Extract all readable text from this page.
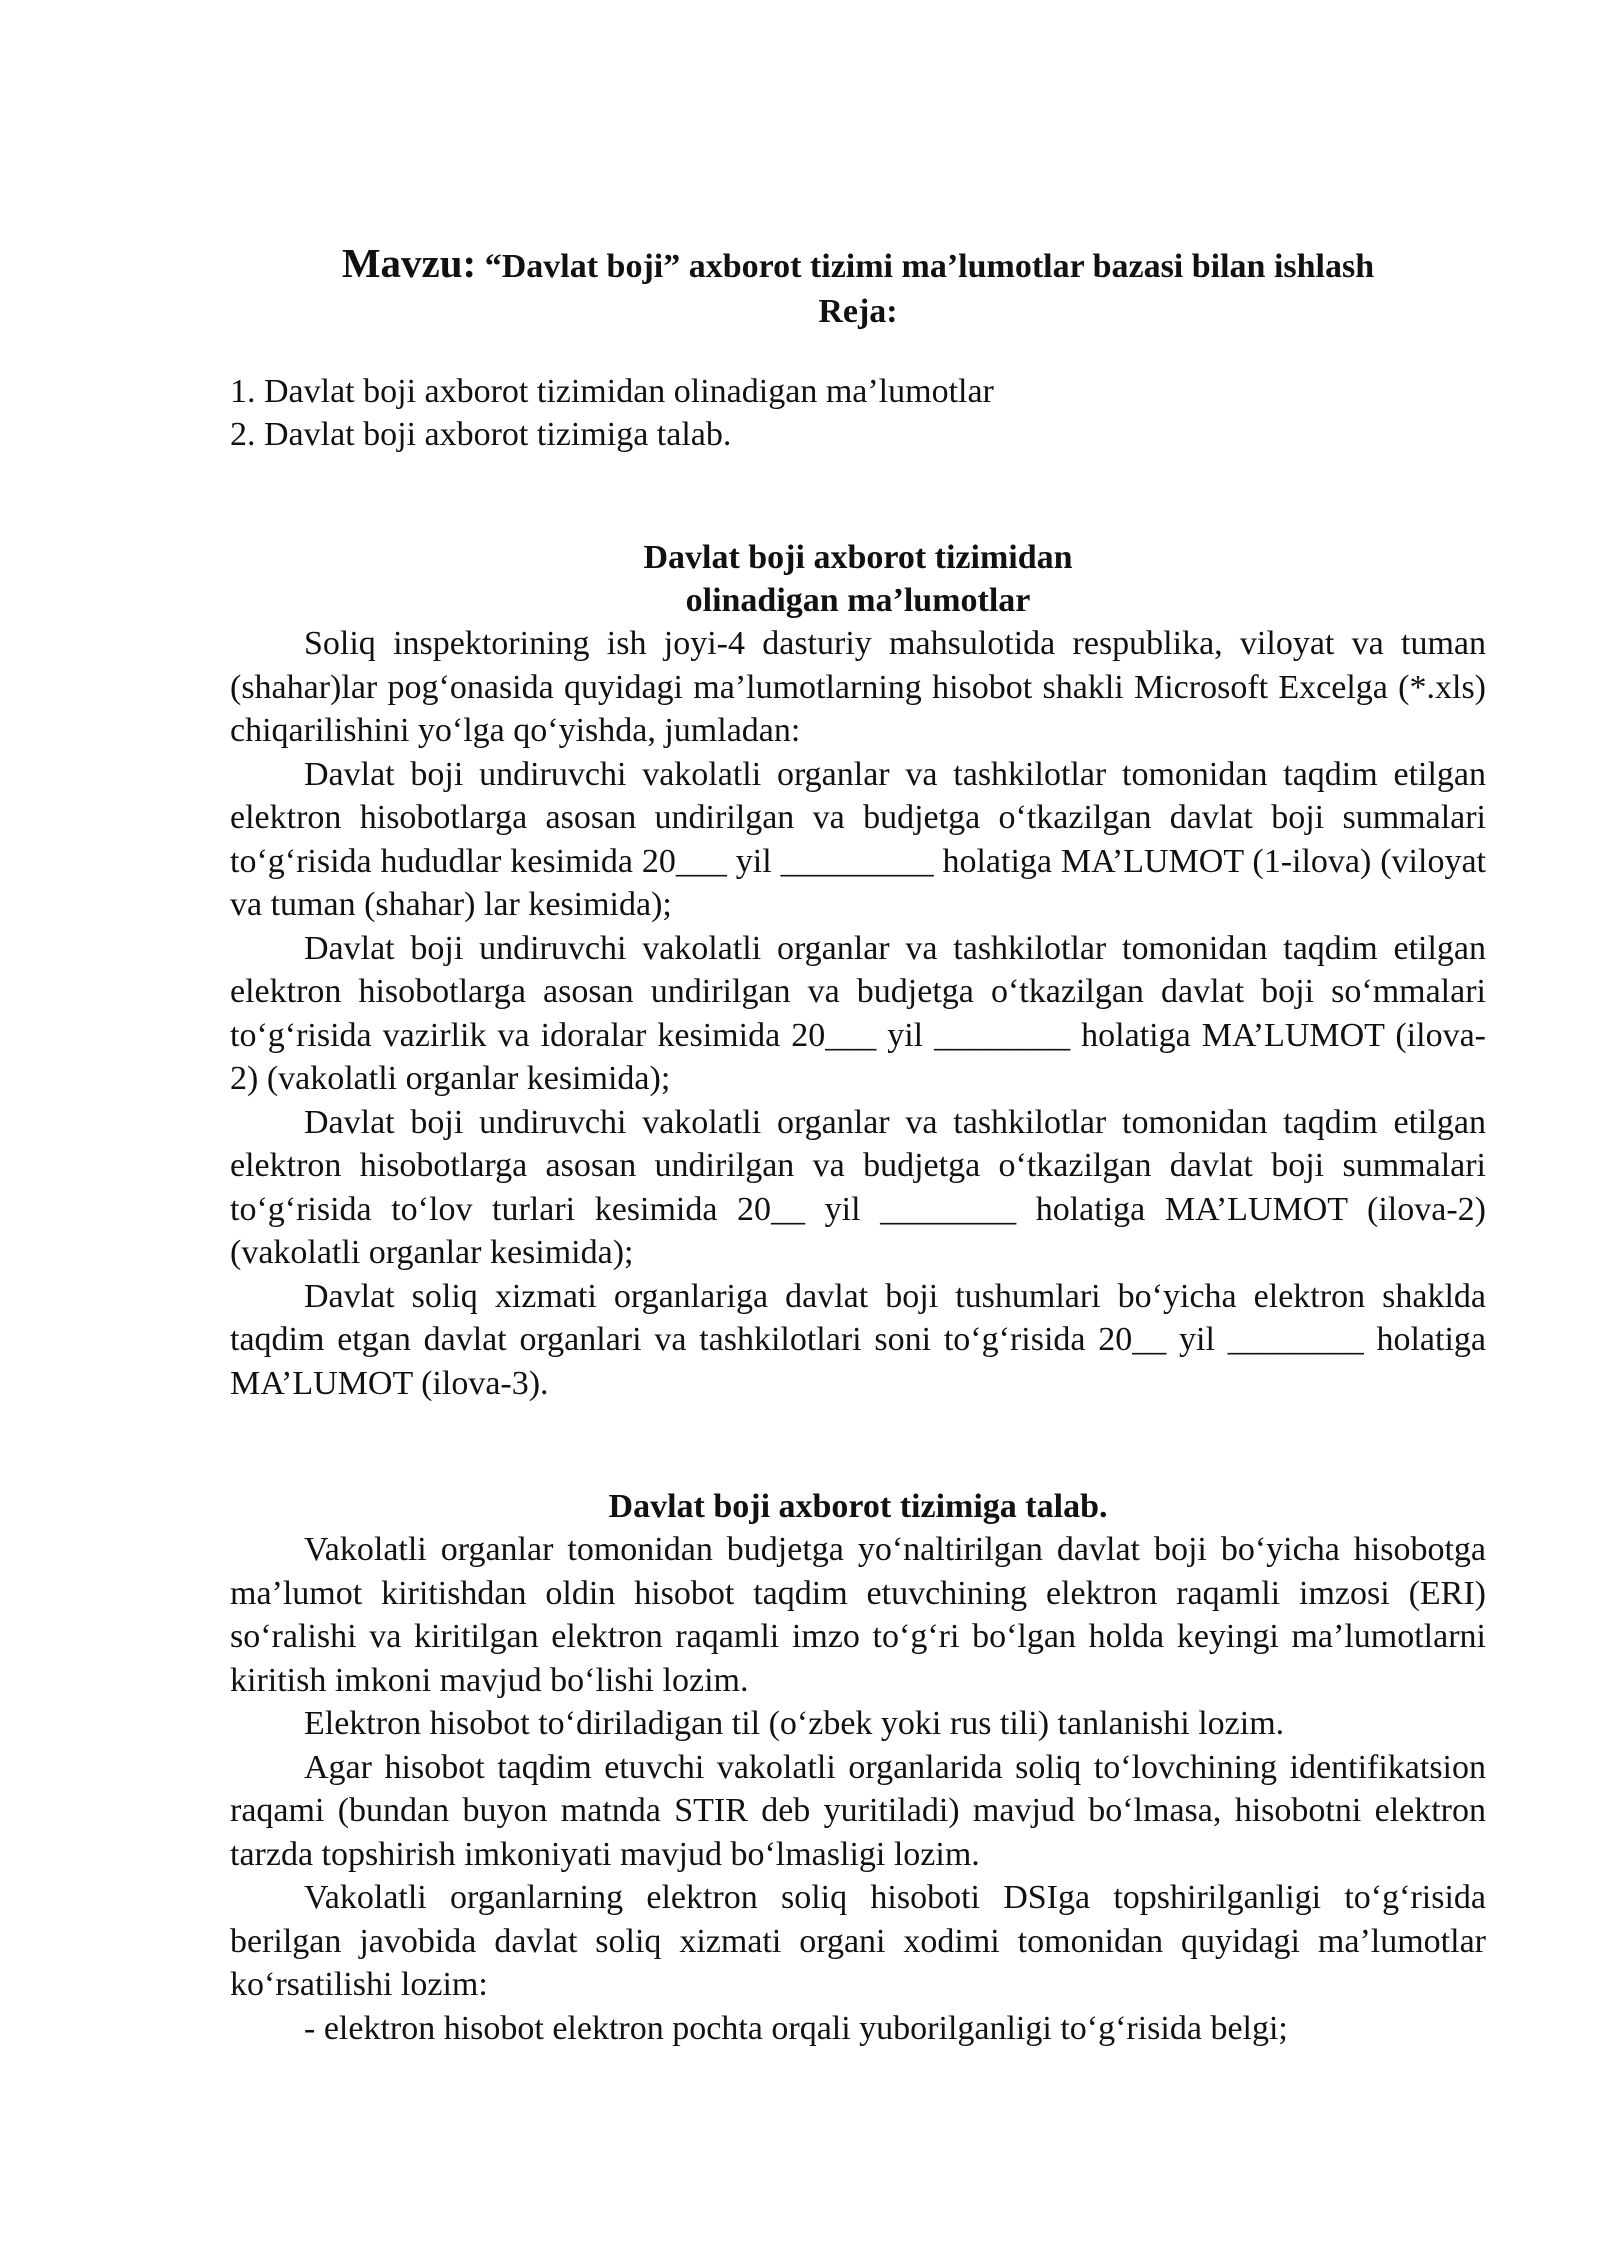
Mavzu: “Davlat boji” axborot tizimi ma’lumotlar bazasi bilan ishlash
Reja:
1. Davlat boji axborot tizimidan olinadigan ma’lumotlar
2. Davlat boji axborot tizimiga talab.
Davlat boji axborot tizimidan
olinadigan ma’lumotlar

Soliq inspektorining ish joyi-4 dasturiy mahsulotida respublika, viloyat va tuman (shahar)lar pog‘onasida quyidagi ma’lumotlarning hisobot shakli Microsoft Excelga (*.xls) chiqarilishini yo‘lga qo‘yishda, jumladan:

Davlat boji undiruvchi vakolatli organlar va tashkilotlar tomonidan taqdim etilgan elektron hisobotlarga asosan undirilgan va budjetga o‘tkazilgan davlat boji summalari to‘g‘risida hududlar kesimida 20___ yil _________ holatiga MA’LUMOT (1-ilova) (viloyat va tuman (shahar) lar kesimida);

Davlat boji undiruvchi vakolatli organlar va tashkilotlar tomonidan taqdim etilgan elektron hisobotlarga asosan undirilgan va budjetga o‘tkazilgan davlat boji so‘mmalari to‘g‘risida vazirlik va idoralar kesimida 20___ yil ________ holatiga MA’LUMOT (ilova-2) (vakolatli organlar kesimida);

Davlat boji undiruvchi vakolatli organlar va tashkilotlar tomonidan taqdim etilgan elektron hisobotlarga asosan undirilgan va budjetga o‘tkazilgan davlat boji summalari to‘g‘risida to‘lov turlari kesimida 20__ yil ________ holatiga MA’LUMOT (ilova-2) (vakolatli organlar kesimida);

Davlat soliq xizmati organlariga davlat boji tushumlari bo‘yicha elektron shaklda taqdim etgan davlat organlari va tashkilotlari soni to‘g‘risida 20__ yil ________ holatiga MA’LUMOT (ilova-3).

Davlat boji axborot tizimiga talab.

Vakolatli organlar tomonidan budjetga yo‘naltirilgan davlat boji bo‘yicha hisobotga ma’lumot kiritishdan oldin hisobot taqdim etuvchining elektron raqamli imzosi (ERI) so‘ralishi va kiritilgan elektron raqamli imzo to‘g‘ri bo‘lgan holda keyingi ma’lumotlarni kiritish imkoni mavjud bo‘lishi lozim.

Elektron hisobot to‘diriladigan til (o‘zbek yoki rus tili) tanlanishi lozim.

Agar hisobot taqdim etuvchi vakolatli organlarida soliq to‘lovchining identifikatsion raqami (bundan buyon matnda STIR deb yuritiladi) mavjud bo‘lmasa, hisobotni elektron tarzda topshirish imkoniyati mavjud bo‘lmasligi lozim.

Vakolatli organlarning elektron soliq hisoboti DSIga topshirilganligi to‘g‘risida berilgan javobida davlat soliq xizmati organi xodimi tomonidan quyidagi ma’lumotlar ko‘rsatilishi lozim:

- elektron hisobot elektron pochta orqali yuborilganligi to‘g‘risida belgi;
